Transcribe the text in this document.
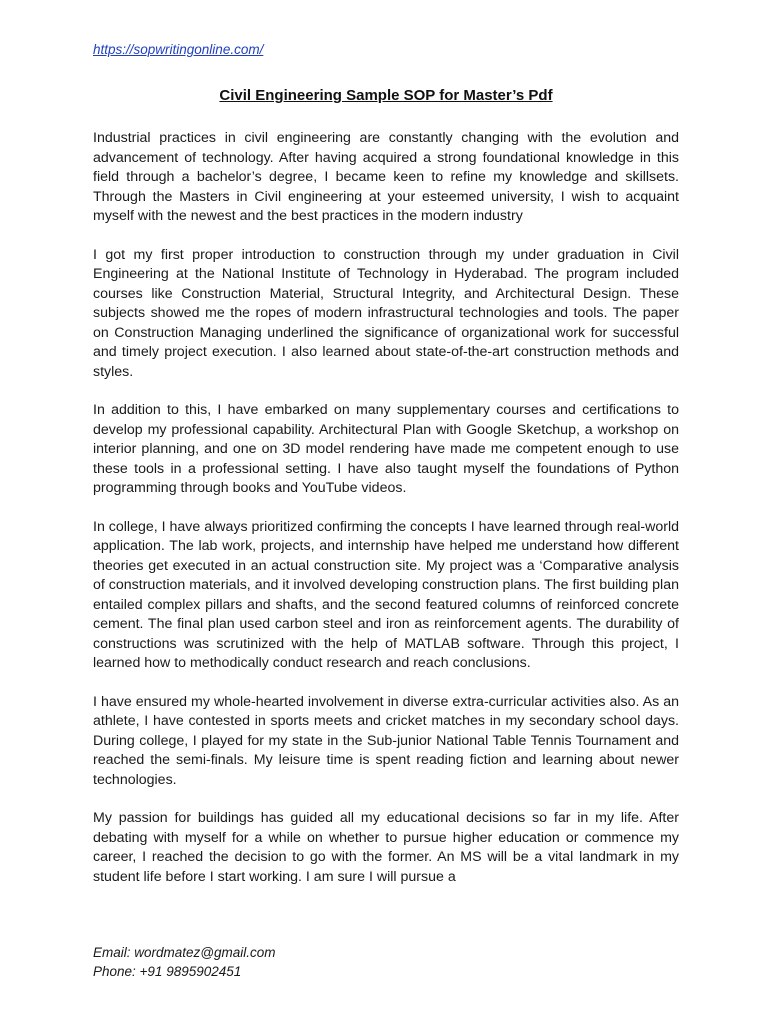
https://sopwritingonline.com/
Civil Engineering Sample SOP for Master’s Pdf

Industrial practices in civil engineering are constantly changing with the evolution and advancement of technology. After having acquired a strong foundational knowledge in this field through a bachelor’s degree, I became keen to refine my knowledge and skillsets. Through the Masters in Civil engineering at your esteemed university, I wish to acquaint myself with the newest and the best practices in the modern industry

I got my first proper introduction to construction through my under graduation in Civil Engineering at the National Institute of Technology in Hyderabad. The program included courses like Construction Material, Structural Integrity, and Architectural Design. These subjects showed me the ropes of modern infrastructural technologies and tools. The paper on Construction Managing underlined the significance of organizational work for successful and timely project execution. I also learned about state-of-the-art construction methods and styles.

In addition to this, I have embarked on many supplementary courses and certifications to develop my professional capability. Architectural Plan with Google Sketchup, a workshop on interior planning, and one on 3D model rendering have made me competent enough to use these tools in a professional setting. I have also taught myself the foundations of Python programming through books and YouTube videos.

In college, I have always prioritized confirming the concepts I have learned through real-world application. The lab work, projects, and internship have helped me understand how different theories get executed in an actual construction site. My project was a ‘Comparative analysis of construction materials, and it involved developing construction plans. The first building plan entailed complex pillars and shafts, and the second featured columns of reinforced concrete cement. The final plan used carbon steel and iron as reinforcement agents. The durability of constructions was scrutinized with the help of MATLAB software. Through this project, I learned how to methodically conduct research and reach conclusions.

I have ensured my whole-hearted involvement in diverse extra-curricular activities also. As an athlete, I have contested in sports meets and cricket matches in my secondary school days. During college, I played for my state in the Sub-junior National Table Tennis Tournament and reached the semi-finals. My leisure time is spent reading fiction and learning about newer technologies.

My passion for buildings has guided all my educational decisions so far in my life. After debating with myself for a while on whether to pursue higher education or commence my career, I reached the decision to go with the former. An MS will be a vital landmark in my student life before I start working. I am sure I will pursue a

Email: wordmatez@gmail.com
Phone: +91 9895902451
